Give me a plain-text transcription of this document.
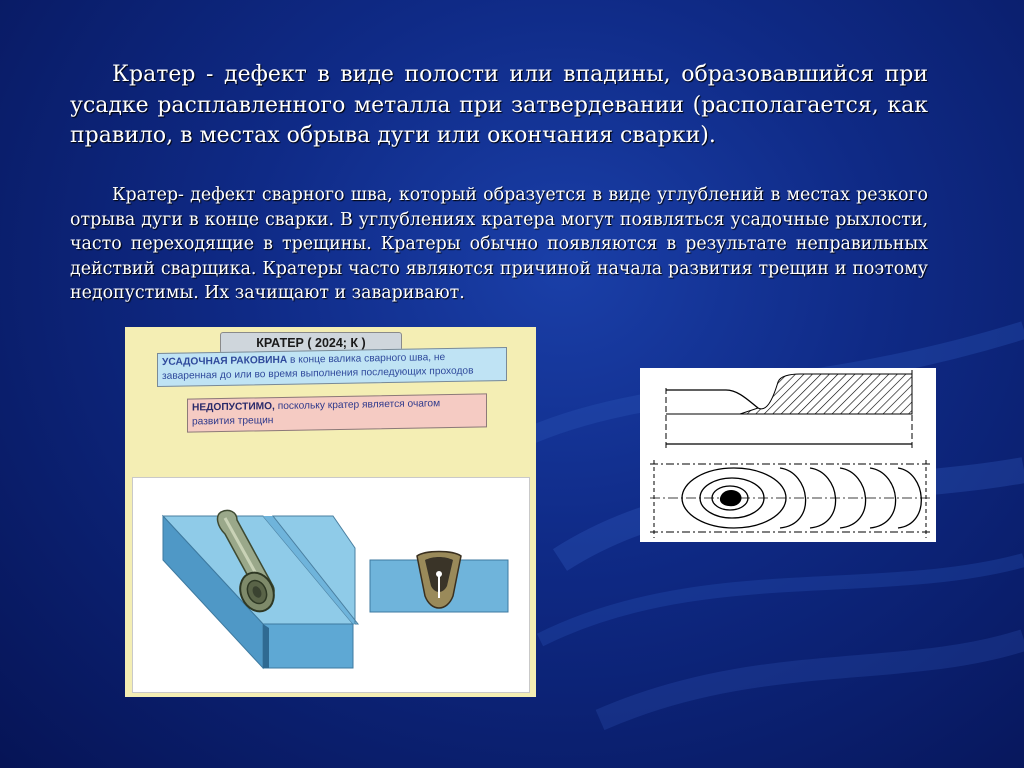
Кратер - дефект в виде полости или впадины, образовавшийся при усадке расплавленного металла при затвердевании (располагается, как правило, в местах обрыва дуги или окончания сварки).

Кратер- дефект сварного шва, который образуется в виде углублений в местах резкого отрыва дуги в конце сварки. В углублениях кратера могут появляться усадочные рыхлости, часто переходящие в трещины. Кратеры обычно появляются в результате неправильных действий сварщика. Кратеры часто являются причиной начала развития трещин и поэтому недопустимы. Их зачищают и заваривают.

КРАТЕР ( 2024; К )
УСАДОЧНАЯ РАКОВИНА в конце валика сварного шва, не заваренная до или во время выполнения последующих проходов
НЕДОПУСТИМО, поскольку кратер является очагом развития трещин
